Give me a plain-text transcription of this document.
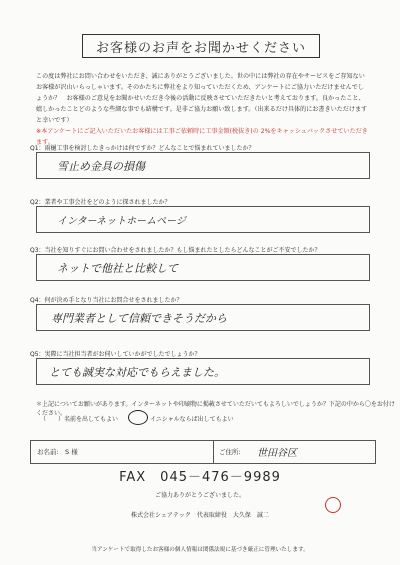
お客様のお声をお聞かせください
この度は弊社にお問い合わせをいただき、誠にありがとうございました。世の中には弊社の存在やサービスをご存知ないお客様が沢山いらっしゃいます。そのかたちに弊社をより知っていただくため、アンケートにご協力いただけませんでしょうか？　お客様のご意見をお聞かせいただき今後の活動に反映させていただきたいと考えております。良かったこと、嬉しかったことどのような些細な事でも結構です。是非ご協力お願い致します。（出来るだけ具体的にお書きいただけますと幸いです）
※本アンケートにご記入いただいたお客様には工事ご依頼時に工事金額(税抜き)の 2%をキャッシュバックさせていただきます。
Q1：雨樋工事を検討したきっかけは何ですか？どんなことで悩まれていましたか？
雪止め金具の損傷
Q2：業者や工事会社をどのように探されましたか？
インターネットホームページ
Q3：当社を知りすぐにお問い合わせをされましたか？もし悩まれたとしたらどんなことがご不安でしたか？
ネットで他社と比較して
Q4：何が決め手となり当社にお問合せをされましたか？
専門業者として信頼できそうだから
Q5：実際に当社担当者がお伺いしていかがでしたでしょうか？
とても誠実な対応でもらえました。
＊上記についてお願いがあります。インターネットや印刷物に掲載させていただいてもよろしいでしょうか？下記の中から〇をお付けください。
（　　）名前を出してもよい	イニシャルならば出してもよい
お名前: S 様	ご住所: 世田谷区
FAX　045－476－9989
ご協力ありがとうございました。
株式会社シェアテック　代表取締役　大久保　誠二
当アンケートで取得したお客様の個人情報は関係法規に基づき厳正に管理いたします。
